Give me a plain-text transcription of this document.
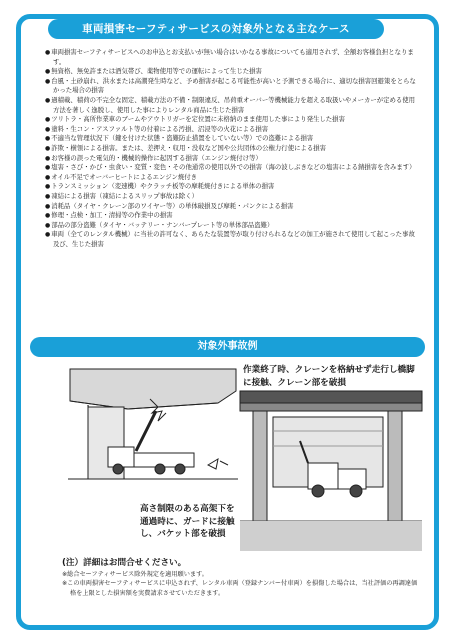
車両損害セーフティサービスの対象外となる主なケース
● 車両損害セーフティサービスへのお申込とお支払いが無い場合はいかなる事故についても適用されず、全額お客様負担となります。
● 無資格、無免許または酒気帯び、薬物使用等での運転によって生じた損害
● 台風・土砂崩れ、洪水または高潮発生時など、予め損害が起こる可能性が高いと予測できる場合に、適切な損害回避策をとらなかった場合の損害
● 過積載、積荷の不完全な固定、積載方法の不備・制限違反、吊荷重オーバー等機械能力を超える取扱いやメーカーが定める使用方法を著しく逸脱し、使用した事によりレンタル商品に生じた損害
● ツリトラ・高所作業車のブームやアウトリガーを定位置に未格納のまま使用した事により発生した損害
● 塗料・生コン・アスファルト等の付着による汚損、沼浸等の火花による損害
● 不適当な管理状況下（鍵を付けた状態・盗難防止措置をしていない等）での盗難による損害
● 詐欺・横領による損害。または、差押え・収用・没収など国や公共団体の公権力行使による損害
● お客様の誤った電気的・機械的操作に起因する損害（エンジン焼付け等）
● 塩害・さび・かび・虫食い・変質・変色・その他通常の使用以外での損害（海の波しぶきなどの塩害による錆損害を含みます）
● オイル不足でオーバーヒートによるエンジン焼付き
● トランスミッション（変速機）やクラッチ板等の摩耗焼付きによる単体の損害
● 凍結による損害（凍結によるスリップ事故は除く）
● 消耗品（タイヤ・クレーン部のワイヤー等）の単体破損及び摩耗・パンクによる損害
● 修理・点検・加工・清掃等の作業中の損害
● 部品の部分盗難（タイヤ・バッテリー・ナンバープレート等の単体部品盗難）
● 車両（全てのレンタル機械）に当社の許可なく、あらたな装置等が取り付けられるなどの加工が施されて使用して起こった事故及び、生じた損害
対象外事故例
作業終了時、クレーンを格納せず走行し橋脚に接触、クレーン部を破損
高さ制限のある高架下を通過時に、ガードに接触し、バケット部を破損
(注）詳細はお問合せください。
※総合セーフティサービス除外規定を適用願います。
※この車両損害セーフティサービスに申込されず、レンタル車両（登録ナンバー付車両）を損傷した場合は、当社評価の再調達価格を上限とした損害額を実費請求させていただきます。
